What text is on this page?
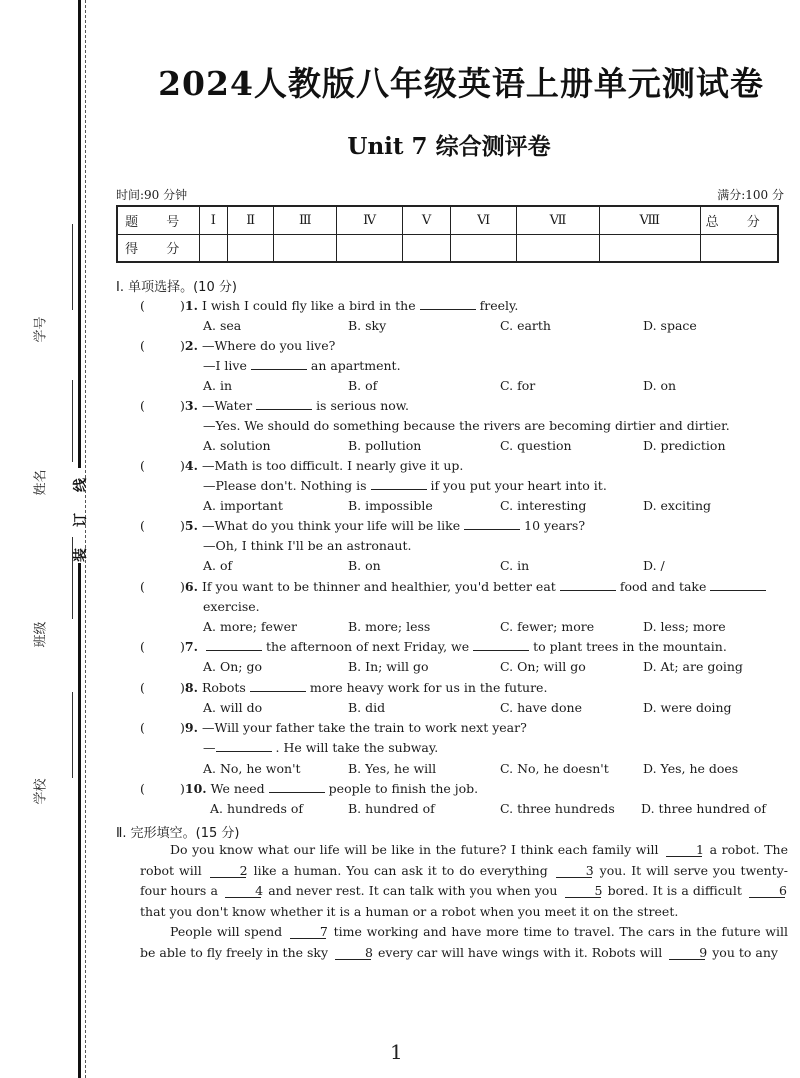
装
订
线
学号
姓名
班级
学校
2024人教版八年级英语上册单元测试卷
Unit 7 综合测评卷
时间:90 分钟	满分:100 分
题 号	Ⅰ	Ⅱ	Ⅲ	Ⅳ	Ⅴ	Ⅵ	Ⅶ	Ⅷ	总 分
得 分									
Ⅰ. 单项选择。(10 分)
(	)1. I wish I could fly like a bird in the	freely.
A. sea	B. sky	C. earth	D. space
(	)2. —Where do you live?
—I live	an apartment.
A. in	B. of	C. for	D. on
(	)3. —Water	is serious now.
—Yes. We should do something because the rivers are becoming dirtier and dirtier.
A. solution	B. pollution	C. question	D. prediction
(	)4. —Math is too difficult. I nearly give it up.
—Please don't. Nothing is	if you put your heart into it.
A. important	B. impossible	C. interesting	D. exciting
(	)5. —What do you think your life will be like	10 years?
—Oh, I think I'll be an astronaut.
A. of	B. on	C. in	D. /
(	)6. If you want to be thinner and healthier, you'd better eat	food and take
exercise.
A. more; fewer	B. more; less	C. fewer; more	D. less; more
(	)7.	the afternoon of next Friday, we	to plant trees in the mountain.
A. On; go	B. In; will go	C. On; will go	D. At; are going
(	)8. Robots	more heavy work for us in the future.
A. will do	B. did	C. have done	D. were doing
(	)9. —Will your father take the train to work next year?
—	. He will take the subway.
A. No, he won't	B. Yes, he will	C. No, he doesn't	D. Yes, he does
(	)10. We need	people to finish the job.
A. hundreds of	B. hundred of	C. three hundreds D. three hundred of
Ⅱ. 完形填空。(15 分)
Do you know what our life will be like in the future? I think each family will	1 a robot. The robot will	2 like a human. You can ask it to do everything	3 you. It will serve you twenty-four hours a	4 and never rest. It can talk with you when you	5 bored. It is a difficult	6 that you don't know whether it is a human or a robot when you meet it on the street.
People will spend	7 time working and have more time to travel. The cars in the future will be able to fly freely in the sky	8 every car will have wings with it. Robots will	9 you to any
1
